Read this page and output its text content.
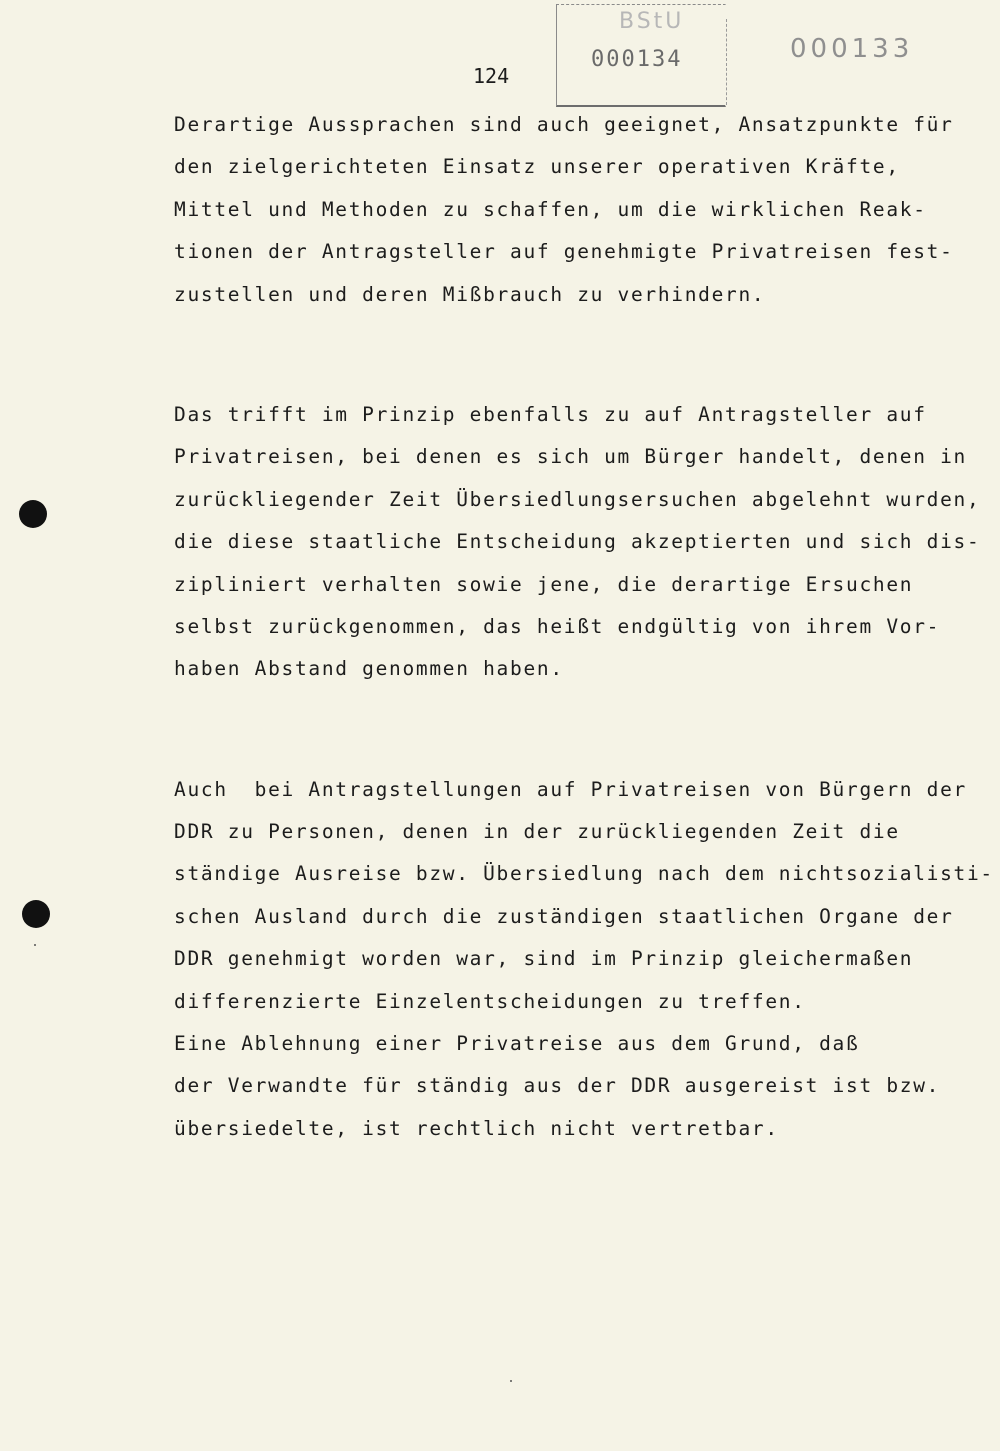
BStU
000134	000133
124
Derartige Aussprachen sind auch geeignet, Ansatzpunkte für
den zielgerichteten Einsatz unserer operativen Kräfte,
Mittel und Methoden zu schaffen, um die wirklichen Reak-
tionen der Antragsteller auf genehmigte Privatreisen fest-
zustellen und deren Mißbrauch zu verhindern.
Das trifft im Prinzip ebenfalls zu auf Antragsteller auf
Privatreisen, bei denen es sich um Bürger handelt, denen in
zurückliegender Zeit Übersiedlungsersuchen abgelehnt wurden,
die diese staatliche Entscheidung akzeptierten und sich dis-
zipliniert verhalten sowie jene, die derartige Ersuchen
selbst zurückgenommen, das heißt endgültig von ihrem Vor-
haben Abstand genommen haben.
Auch  bei Antragstellungen auf Privatreisen von Bürgern der
DDR zu Personen, denen in der zurückliegenden Zeit die
ständige Ausreise bzw. Übersiedlung nach dem nichtsozialisti-
schen Ausland durch die zuständigen staatlichen Organe der
DDR genehmigt worden war, sind im Prinzip gleichermaßen
differenzierte Einzelentscheidungen zu treffen.
Eine Ablehnung einer Privatreise aus dem Grund, daß
der Verwandte für ständig aus der DDR ausgereist ist bzw.
übersiedelte, ist rechtlich nicht vertretbar.
